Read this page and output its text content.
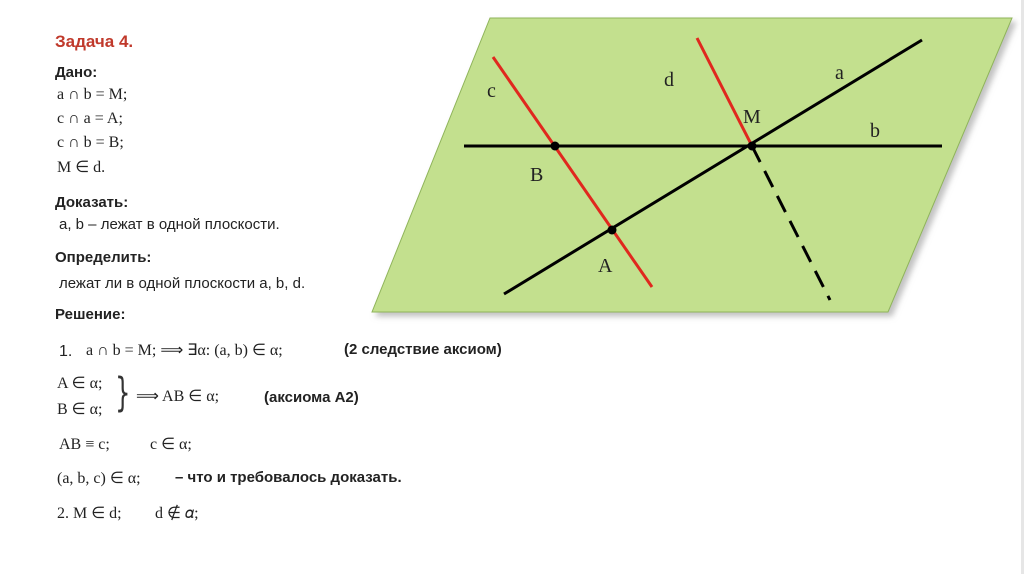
c	d	a
b
M
B
A
Задача 4.
Дано:
a ∩ b = M;
c ∩ a = A;
c ∩ b = B;
M ∈ d.
Доказать:
a, b – лежат в одной плоскости.
Определить:
лежат ли в одной плоскости a, b, d.
Решение:
1. a ∩ b = M; ⟹ ∃α: (a, b) ∈ α;	(2 следствие аксиом)
A ∈ α;
B ∈ α; } ⟹ AB ∈ α;	(аксиома А2)
AB ≡ c;	c ∈ α;
(a, b, c) ∈ α; – что и требовалось доказать.
2. M ∈ d; d ∉ 𝛼;
